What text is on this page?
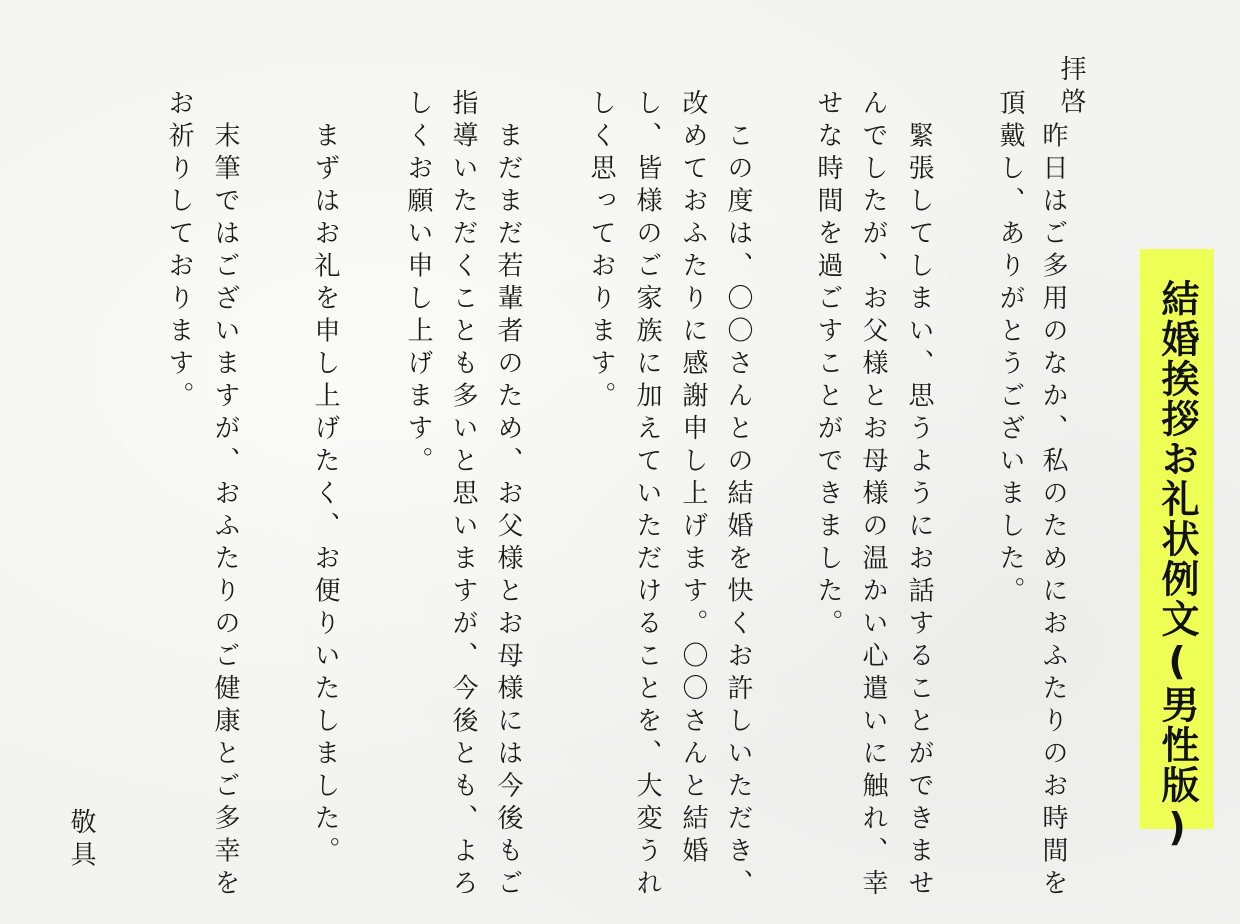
結婚挨拶お礼状例文(男性版)
拝啓
　昨日はご多用のなか、私のためにおふたりのお時間を
頂戴し、ありがとうございました。
　緊張してしまい、思うようにお話することができませ
んでしたが、お父様とお母様の温かい心遣いに触れ、幸
せな時間を過ごすことができました。
　この度は、〇〇さんとの結婚を快くお許しいただき、
改めておふたりに感謝申し上げます。〇〇さんと結婚
し、皆様のご家族に加えていただけることを、大変うれ
しく思っております。
　まだまだ若輩者のため、お父様とお母様には今後もご
指導いただくことも多いと思いますが、今後とも、よろ
しくお願い申し上げます。
　まずはお礼を申し上げたく、お便りいたしました。
　末筆ではございますが、おふたりのご健康とご多幸を
お祈りしております。
敬具
